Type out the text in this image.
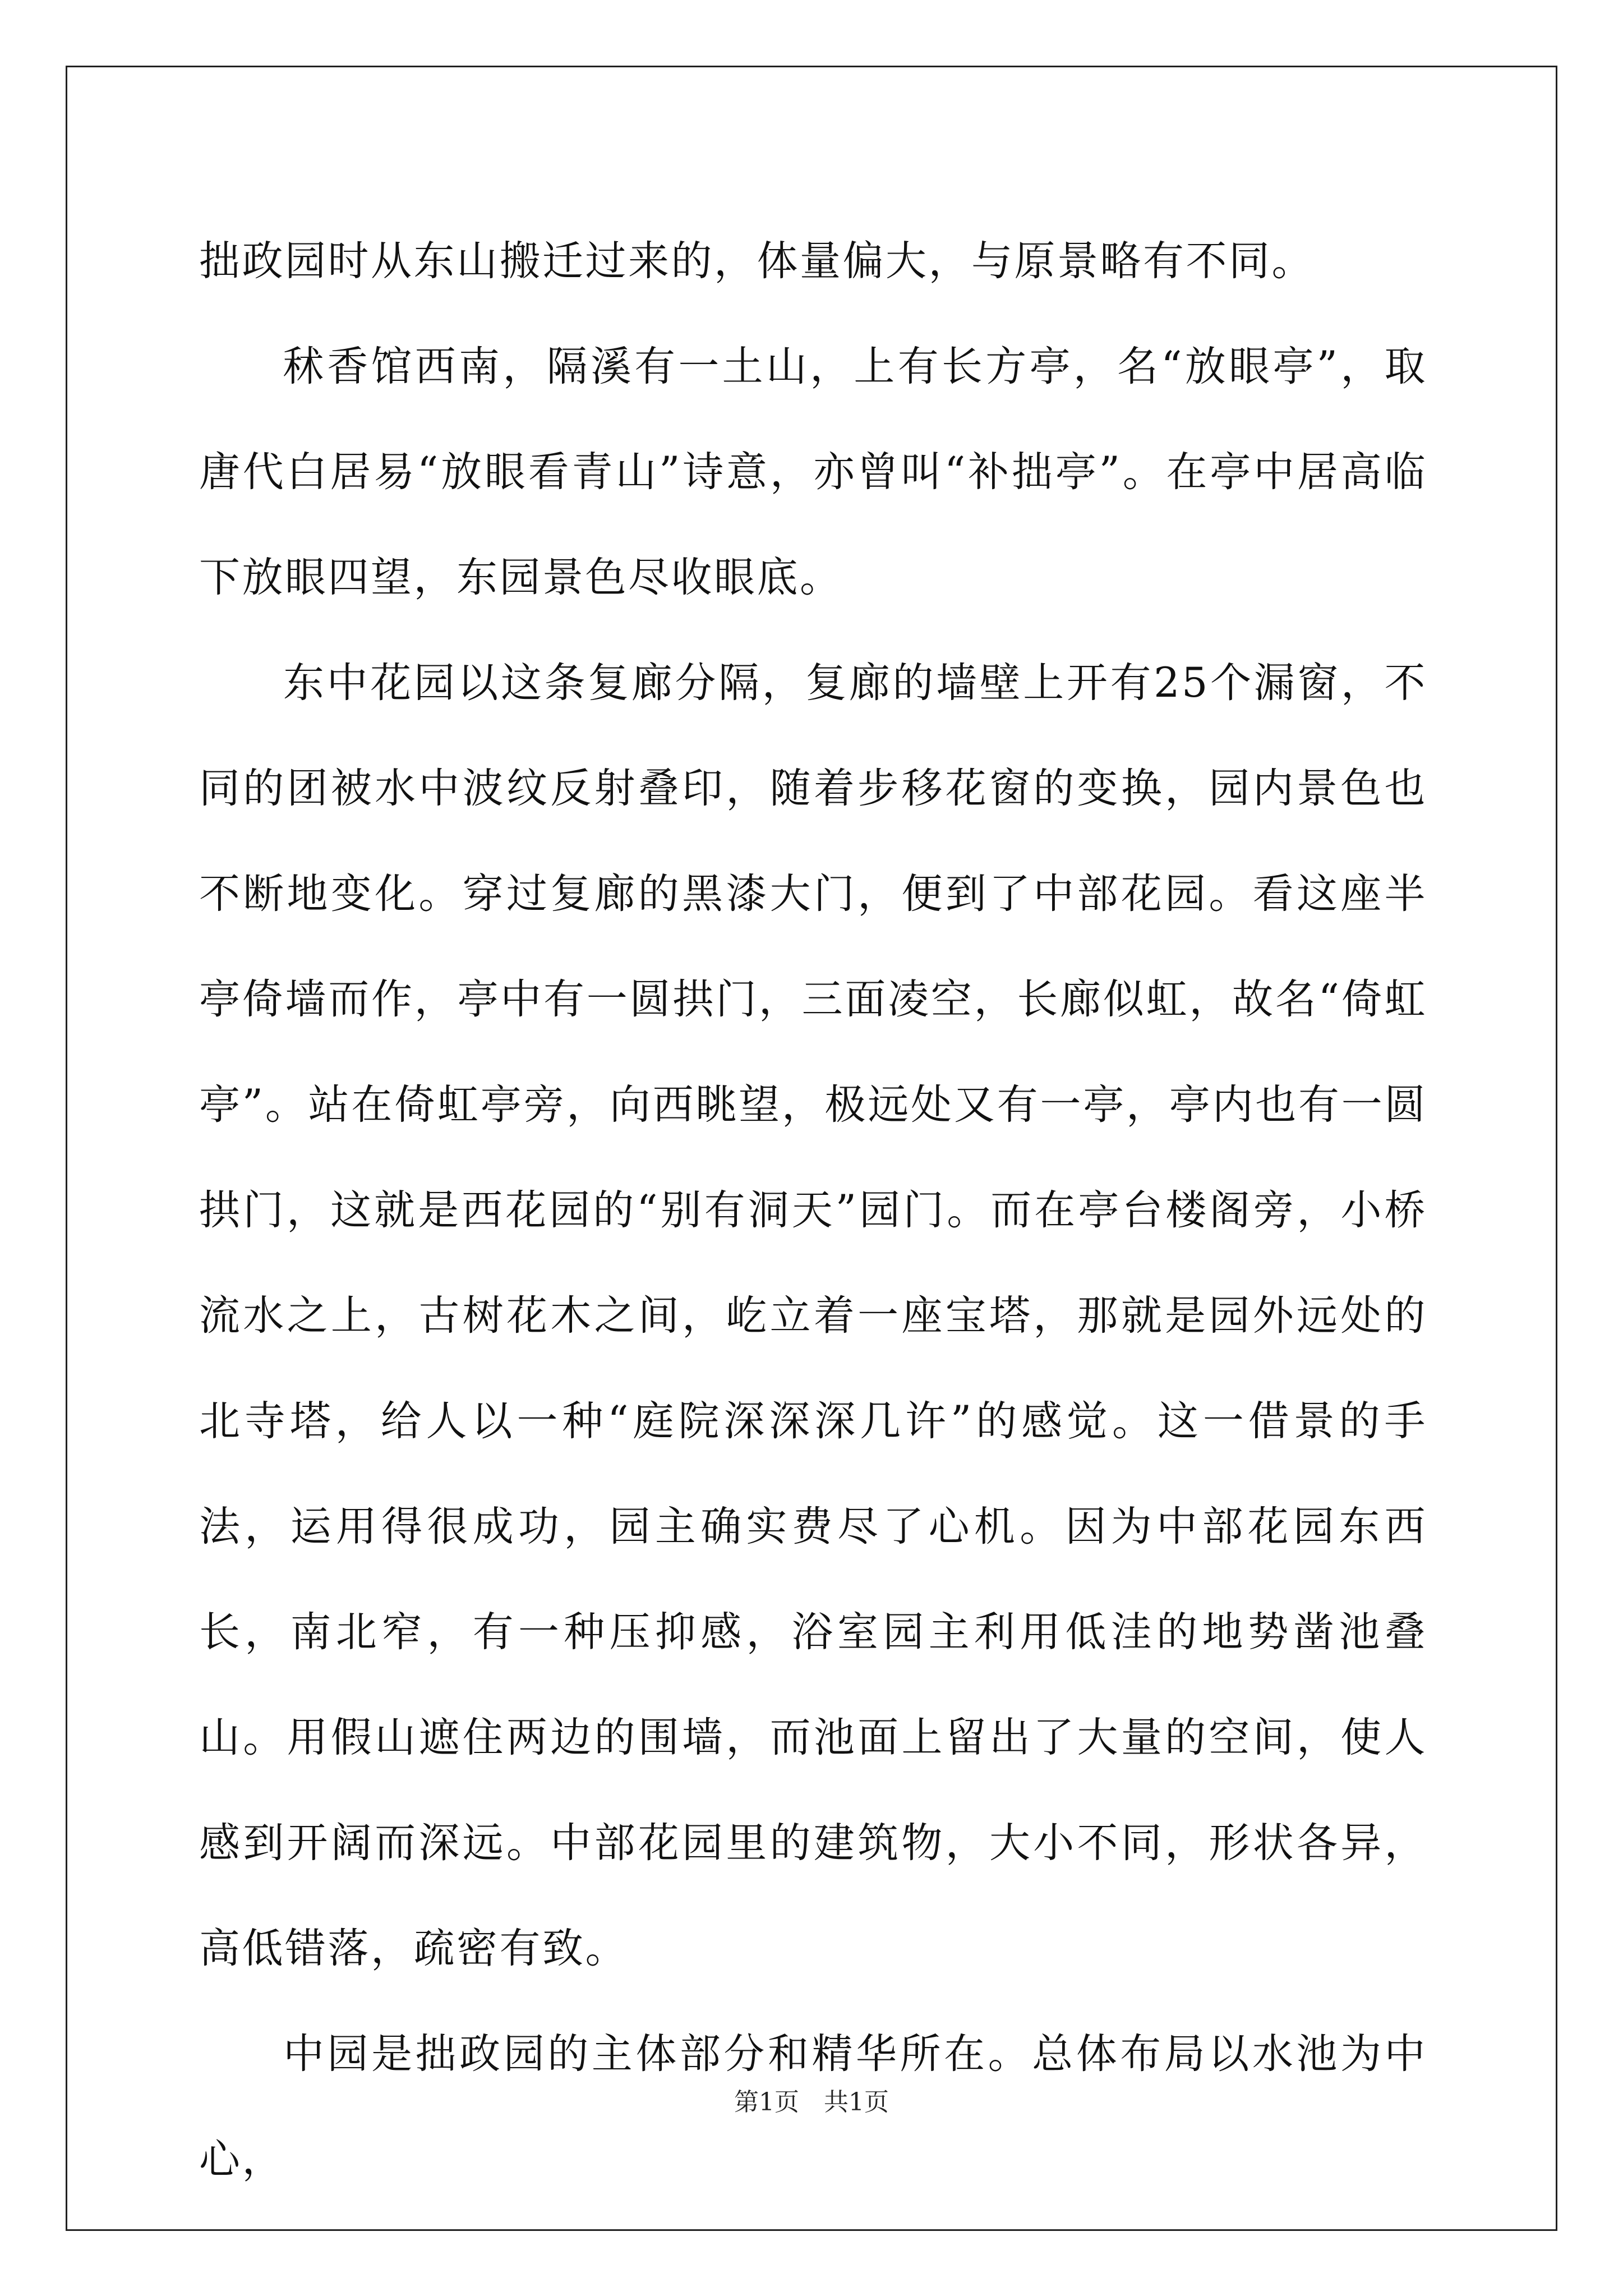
拙政园时从东山搬迁过来的，体量偏大，与原景略有不同。

秫香馆西南，隔溪有一土山，上有长方亭，名“放眼亭”，取唐代白居易“放眼看青山”诗意，亦曾叫“补拙亭”。在亭中居高临下放眼四望，东园景色尽收眼底。

东中花园以这条复廊分隔，复廊的墙壁上开有25个漏窗，不同的团被水中波纹反射叠印，随着步移花窗的变换，园内景色也不断地变化。穿过复廊的黑漆大门，便到了中部花园。看这座半亭倚墙而作，亭中有一圆拱门，三面凌空，长廊似虹，故名“倚虹亭”。站在倚虹亭旁，向西眺望，极远处又有一亭，亭内也有一圆拱门，这就是西花园的“别有洞天”园门。而在亭台楼阁旁，小桥流水之上，古树花木之间，屹立着一座宝塔，那就是园外远处的北寺塔，给人以一种“庭院深深深几许”的感觉。这一借景的手法，运用得很成功，园主确实费尽了心机。因为中部花园东西长，南北窄，有一种压抑感，浴室园主利用低洼的地势凿池叠山。用假山遮住两边的围墙，而池面上留出了大量的空间，使人感到开阔而深远。中部花园里的建筑物，大小不同，形状各异，高低错落，疏密有致。

中园是拙政园的主体部分和精华所在。总体布局以水池为中心，

第1页　共1页
